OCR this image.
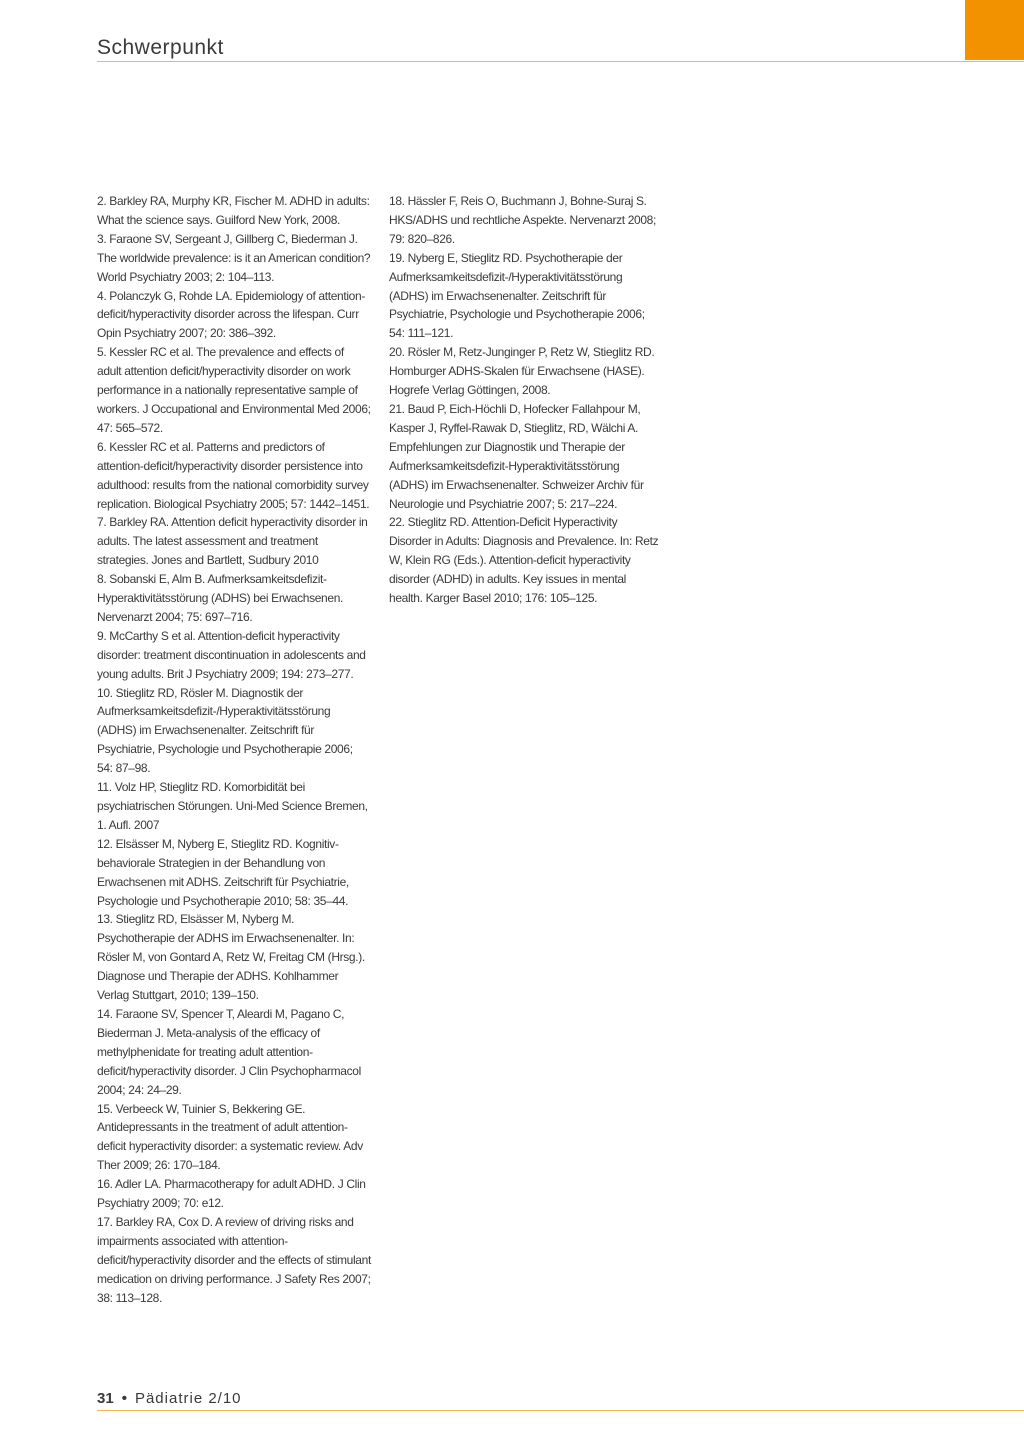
Schwerpunkt
2. Barkley RA, Murphy KR, Fischer M. ADHD in adults: What the science says. Guilford New York, 2008.
3. Faraone SV, Sergeant J, Gillberg C, Biederman J. The worldwide prevalence: is it an American condition? World Psychiatry 2003; 2: 104–113.
4. Polanczyk G, Rohde LA. Epidemiology of attention-deficit/hyperactivity disorder across the lifespan. Curr Opin Psychiatry 2007; 20: 386–392.
5. Kessler RC et al. The prevalence and effects of adult attention deficit/hyperactivity disorder on work performance in a nationally representative sample of workers. J Occupational and Environmental Med 2006; 47: 565–572.
6. Kessler RC et al. Patterns and predictors of attention-deficit/hyperactivity disorder persistence into adulthood: results from the national comorbidity survey replication. Biological Psychiatry 2005; 57: 1442–1451.
7. Barkley RA. Attention deficit hyperactivity disorder in adults. The latest assessment and treatment strategies. Jones and Bartlett, Sudbury 2010
8. Sobanski E, Alm B. Aufmerksamkeitsdefizit-Hyperaktivitätsstörung (ADHS) bei Erwachsenen. Nervenarzt 2004; 75: 697–716.
9. McCarthy S et al. Attention-deficit hyperactivity disorder: treatment discontinuation in adolescents and young adults. Brit J Psychiatry 2009; 194: 273–277.
10. Stieglitz RD, Rösler M. Diagnostik der Aufmerksamkeitsdefizit-/Hyperaktivitätsstörung (ADHS) im Erwachsenenalter. Zeitschrift für Psychiatrie, Psychologie und Psychotherapie 2006; 54: 87–98.
11. Volz HP, Stieglitz RD. Komorbidität bei psychiatrischen Störungen. Uni-Med Science Bremen, 1. Aufl. 2007
12. Elsässer M, Nyberg E, Stieglitz RD. Kognitiv-behaviorale Strategien in der Behandlung von Erwachsenen mit ADHS. Zeitschrift für Psychiatrie, Psychologie und Psychotherapie 2010; 58: 35–44.
13. Stieglitz RD, Elsässer M, Nyberg M. Psychotherapie der ADHS im Erwachsenenalter. In: Rösler M, von Gontard A, Retz W, Freitag CM (Hrsg.). Diagnose und Therapie der ADHS. Kohlhammer Verlag Stuttgart, 2010; 139–150.
14. Faraone SV, Spencer T, Aleardi M, Pagano C, Biederman J. Meta-analysis of the efficacy of methylphenidate for treating adult attention-deficit/hyperactivity disorder. J Clin Psychopharmacol 2004; 24: 24–29.
15. Verbeeck W, Tuinier S, Bekkering GE. Antidepressants in the treatment of adult attention-deficit hyperactivity disorder: a systematic review. Adv Ther 2009; 26: 170–184.
16. Adler LA. Pharmacotherapy for adult ADHD. J Clin Psychiatry 2009; 70: e12.
17. Barkley RA, Cox D. A review of driving risks and impairments associated with attention-deficit/hyperactivity disorder and the effects of stimulant medication on driving performance. J Safety Res 2007; 38: 113–128.
18. Hässler F, Reis O, Buchmann J, Bohne-Suraj S. HKS/ADHS und rechtliche Aspekte. Nervenarzt 2008; 79: 820–826.
19. Nyberg E, Stieglitz RD. Psychotherapie der Aufmerksamkeitsdefizit-/Hyperaktivitätsstörung (ADHS) im Erwachsenenalter. Zeitschrift für Psychiatrie, Psychologie und Psychotherapie 2006; 54: 111–121.
20. Rösler M, Retz-Junginger P, Retz W, Stieglitz RD. Homburger ADHS-Skalen für Erwachsene (HASE). Hogrefe Verlag Göttingen, 2008.
21. Baud P, Eich-Höchli D, Hofecker Fallahpour M, Kasper J, Ryffel-Rawak D, Stieglitz, RD, Wälchi A. Empfehlungen zur Diagnostik und Therapie der Aufmerksamkeitsdefizit-Hyperaktivitätsstörung (ADHS) im Erwachsenenalter. Schweizer Archiv für Neurologie und Psychiatrie 2007; 5: 217–224.
22. Stieglitz RD. Attention-Deficit Hyperactivity Disorder in Adults: Diagnosis and Prevalence. In: Retz W, Klein RG (Eds.). Attention-deficit hyperactivity disorder (ADHD) in adults. Key issues in mental health. Karger Basel 2010; 176: 105–125.
31 • Pädiatrie 2/10
